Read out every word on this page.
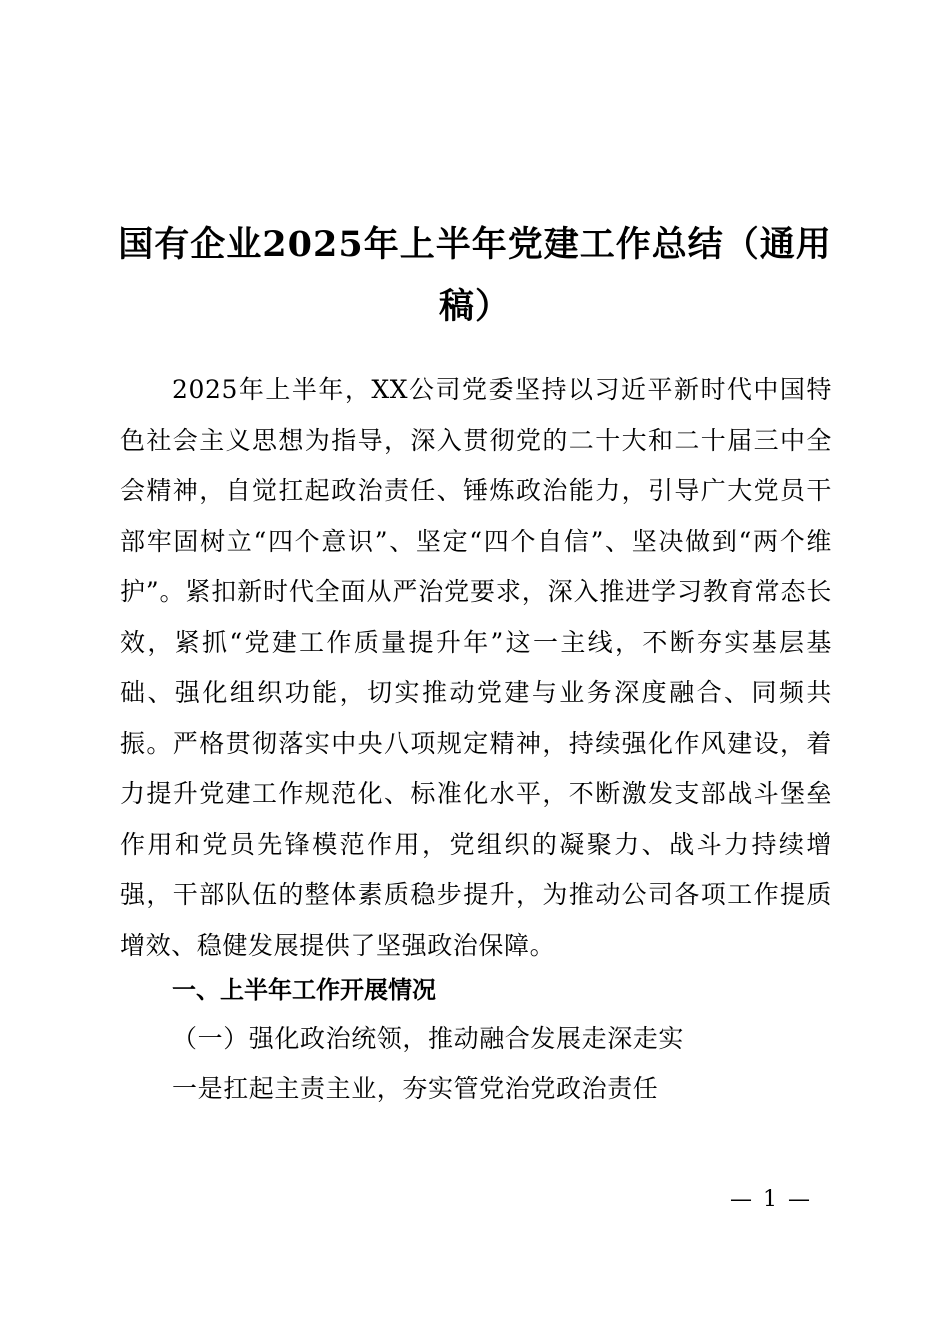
国有企业2025年上半年党建工作总结（通用稿）
2025年上半年，XX公司党委坚持以习近平新时代中国特色社会主义思想为指导，深入贯彻党的二十大和二十届三中全会精神，自觉扛起政治责任、锤炼政治能力，引导广大党员干部牢固树立“四个意识”、坚定“四个自信”、坚决做到“两个维护”。紧扣新时代全面从严治党要求，深入推进学习教育常态长效，紧抓“党建工作质量提升年”这一主线，不断夯实基层基础、强化组织功能，切实推动党建与业务深度融合、同频共振。严格贯彻落实中央八项规定精神，持续强化作风建设，着力提升党建工作规范化、标准化水平，不断激发支部战斗堡垒作用和党员先锋模范作用，党组织的凝聚力、战斗力持续增强，干部队伍的整体素质稳步提升，为推动公司各项工作提质增效、稳健发展提供了坚强政治保障。
一、上半年工作开展情况
（一）强化政治统领，推动融合发展走深走实
一是扛起主责主业，夯实管党治党政治责任
— 1 —
